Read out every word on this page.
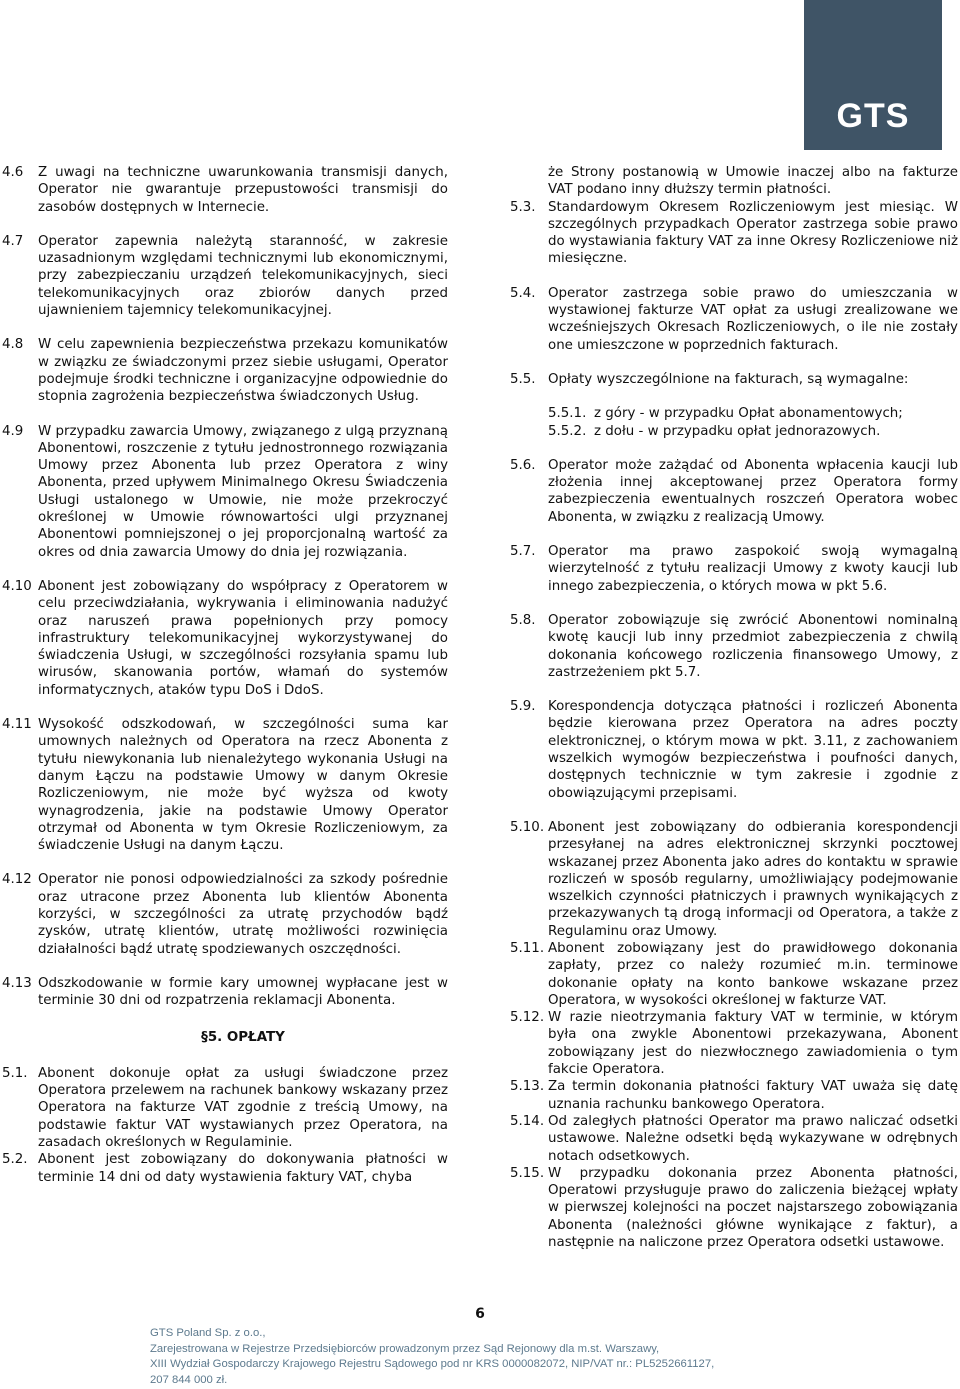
GTS
4.6	Z uwagi na techniczne uwarunkowania transmisji danych, Operator nie gwarantuje przepustowości transmisji do zasobów dostępnych w Internecie.
4.7	Operator zapewnia należytą staranność, w zakresie uzasadnionym względami technicznymi lub ekonomicznymi, przy zabezpieczaniu urządzeń telekomunikacyjnych, sieci telekomunikacyjnych oraz zbiorów danych przed ujawnieniem tajemnicy telekomunikacyjnej.
4.8	W celu zapewnienia bezpieczeństwa przekazu komunikatów w związku ze świadczonymi przez siebie usługami, Operator podejmuje środki techniczne i organizacyjne odpowiednie do stopnia zagrożenia bezpieczeństwa świadczonych Usług.
4.9	W przypadku zawarcia Umowy, związanego z ulgą przyznaną Abonentowi, roszczenie z tytułu jednostronnego rozwiązania Umowy przez Abonenta lub przez Operatora z winy Abonenta, przed upływem Minimalnego Okresu Świadczenia Usługi ustalonego w Umowie, nie może przekroczyć określonej w Umowie równowartości ulgi przyznanej Abonentowi pomniejszonej o jej proporcjonalną wartość za okres od dnia zawarcia Umowy do dnia jej rozwiązania.
4.10 Abonent jest zobowiązany do współpracy z Operatorem w celu przeciwdziałania, wykrywania i eliminowania nadużyć oraz naruszeń prawa popełnionych przy pomocy infrastruktury telekomunikacyjnej wykorzystywanej do świadczenia Usługi, w szczególności rozsyłania spamu lub wirusów, skanowania portów, włamań do systemów informatycznych, ataków typu DoS i DdoS.
4.11 Wysokość odszkodowań, w szczególności suma kar umownych należnych od Operatora na rzecz Abonenta z tytułu niewykonania lub nienależytego wykonania Usługi na danym Łączu na podstawie Umowy w danym Okresie Rozliczeniowym, nie może być wyższa od kwoty wynagrodzenia, jakie na podstawie Umowy Operator otrzymał od Abonenta w tym Okresie Rozliczeniowym, za świadczenie Usługi na danym Łączu.
4.12 Operator nie ponosi odpowiedzialności za szkody pośrednie oraz utracone przez Abonenta lub klientów Abonenta korzyści, w szczególności za utratę przychodów bądź zysków, utratę klientów, utratę możliwości rozwinięcia działalności bądź utratę spodziewanych oszczędności.
4.13 Odszkodowanie w formie kary umownej wypłacane jest w terminie 30 dni od rozpatrzenia reklamacji Abonenta.
§5. OPŁATY
5.1. Abonent dokonuje opłat za usługi świadczone przez Operatora przelewem na rachunek bankowy wskazany przez Operatora na fakturze VAT zgodnie z treścią Umowy, na podstawie faktur VAT wystawianych przez Operatora, na zasadach określonych w Regulaminie.
5.2. Abonent jest zobowiązany do dokonywania płatności w terminie 14 dni od daty wystawienia faktury VAT, chyba
że Strony postanowią w Umowie inaczej albo na fakturze VAT podano inny dłuższy termin płatności.
5.3. Standardowym Okresem Rozliczeniowym jest miesiąc. W szczególnych przypadkach Operator zastrzega sobie prawo do wystawiania faktury VAT za inne Okresy Rozliczeniowe niż miesięczne.
5.4. Operator zastrzega sobie prawo do umieszczania w wystawionej fakturze VAT opłat za usługi zrealizowane we wcześniejszych Okresach Rozliczeniowych, o ile nie zostały one umieszczone w poprzednich fakturach.
5.5. Opłaty wyszczególnione na fakturach, są wymagalne:
5.5.1. z góry - w przypadku Opłat abonamentowych;
5.5.2. z dołu - w przypadku opłat jednorazowych.
5.6. Operator może zażądać od Abonenta wpłacenia kaucji lub złożenia innej akceptowanej przez Operatora formy zabezpieczenia ewentualnych roszczeń Operatora wobec Abonenta, w związku z realizacją Umowy.
5.7. Operator ma prawo zaspokoić swoją wymagalną wierzytelność z tytułu realizacji Umowy z kwoty kaucji lub innego zabezpieczenia, o których mowa w pkt 5.6.
5.8. Operator zobowiązuje się zwrócić Abonentowi nominalną kwotę kaucji lub inny przedmiot zabezpieczenia z chwilą dokonania końcowego rozliczenia finansowego Umowy, z zastrzeżeniem pkt 5.7.
5.9. Korespondencja dotycząca płatności i rozliczeń Abonenta będzie kierowana przez Operatora na adres poczty elektronicznej, o którym mowa w pkt. 3.11, z zachowaniem wszelkich wymogów bezpieczeństwa i poufności danych, dostępnych technicznie w tym zakresie i zgodnie z obowiązującymi przepisami.
5.10. Abonent jest zobowiązany do odbierania korespondencji przesyłanej na adres elektronicznej skrzynki pocztowej wskazanej przez Abonenta jako adres do kontaktu w sprawie rozliczeń w sposób regularny, umożliwiający podejmowanie wszelkich czynności płatniczych i prawnych wynikających z przekazywanych tą drogą informacji od Operatora, a także z Regulaminu oraz Umowy.
5.11. Abonent zobowiązany jest do prawidłowego dokonania zapłaty, przez co należy rozumieć m.in. terminowe dokonanie opłaty na konto bankowe wskazane przez Operatora, w wysokości określonej w fakturze VAT.
5.12. W razie nieotrzymania faktury VAT w terminie, w którym była ona zwykle Abonentowi przekazywana, Abonent zobowiązany jest do niezwłocznego zawiadomienia o tym fakcie Operatora.
5.13. Za termin dokonania płatności faktury VAT uważa się datę uznania rachunku bankowego Operatora.
5.14. Od zaległych płatności Operator ma prawo naliczać odsetki ustawowe. Należne odsetki będą wykazywane w odrębnych notach odsetkowych.
5.15. W przypadku dokonania przez Abonenta płatności, Operatowi przysługuje prawo do zaliczenia bieżącej wpłaty w pierwszej kolejności na poczet najstarszego zobowiązania Abonenta (należności główne wynikające z faktur), a następnie na naliczone przez Operatora odsetki ustawowe.
6
GTS Poland Sp. z o.o.,
Zarejestrowana w Rejestrze Przedsiębiorców prowadzonym przez Sąd Rejonowy dla m.st. Warszawy,
XIII Wydział Gospodarczy Krajowego Rejestru Sądowego pod nr KRS 0000082072, NIP/VAT nr.: PL5252661127,
207 844 000 zł.
